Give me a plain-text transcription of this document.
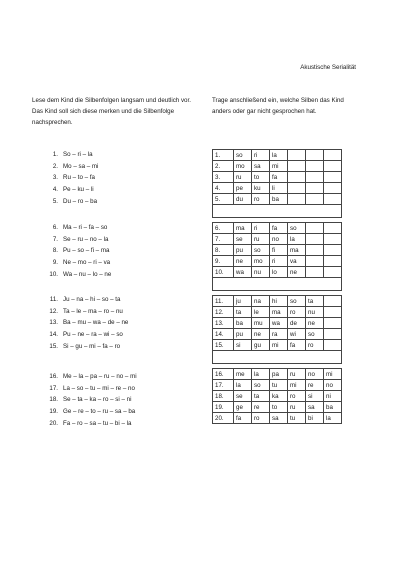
Akustische Serialität
Lese dem Kind die Silbenfolgen langsam und deutlich vor. Das Kind soll sich diese merken und die Silbenfolge nachsprechen.
Trage anschließend ein, welche Silben das Kind anders oder gar nicht gesprochen hat.
1. So – ri – la
2. Mo – sa – mi
3. Ru – to – fa
4. Pe – ku – li
5. Du – ro – ba
6. Ma – ri – fa – so
7. Se – ru – no – la
8. Pu – so – fi – ma
9. Ne – mo – ri – va
10. Wa – nu – lo – ne
11. Ju – na – hi – so – ta
12. Ta – le – ma – ro – nu
13. Ba – mu – wa – de – ne
14. Pu – ne – ra – wi – so
15. Si – gu – mi – fa – ro
16. Me – la – pa – ru – no – mi
17. La – so – tu – mi – re – no
18. Se – ta – ka – ro – si – ni
19. Ge – re – to – ru – sa – ba
20. Fa – ro – sa – tu – bi – la
1.	so	ri	la			
2.	mo	sa	mi			
3.	ru	to	fa			
4.	pe	ku	li			
5.	du	ro	ba			

6.	ma	ri	fa	so		
7.	se	ru	no	la		
8.	pu	so	fi	ma		
9.	ne	mo	ri	va		
10.	wa	nu	lo	ne		

11.	ju	na	hi	so	ta	
12.	ta	le	ma	ro	nu	
13.	ba	mu	wa	de	ne	
14.	pu	ne	ra	wi	so	
15.	si	gu	mi	fa	ro	

16.	me	la	pa	ru	no	mi
17.	la	so	tu	mi	re	no
18.	se	ta	ka	ro	si	ni
19.	ge	re	to	ru	sa	ba
20.	fa	ro	sa	tu	bi	la
